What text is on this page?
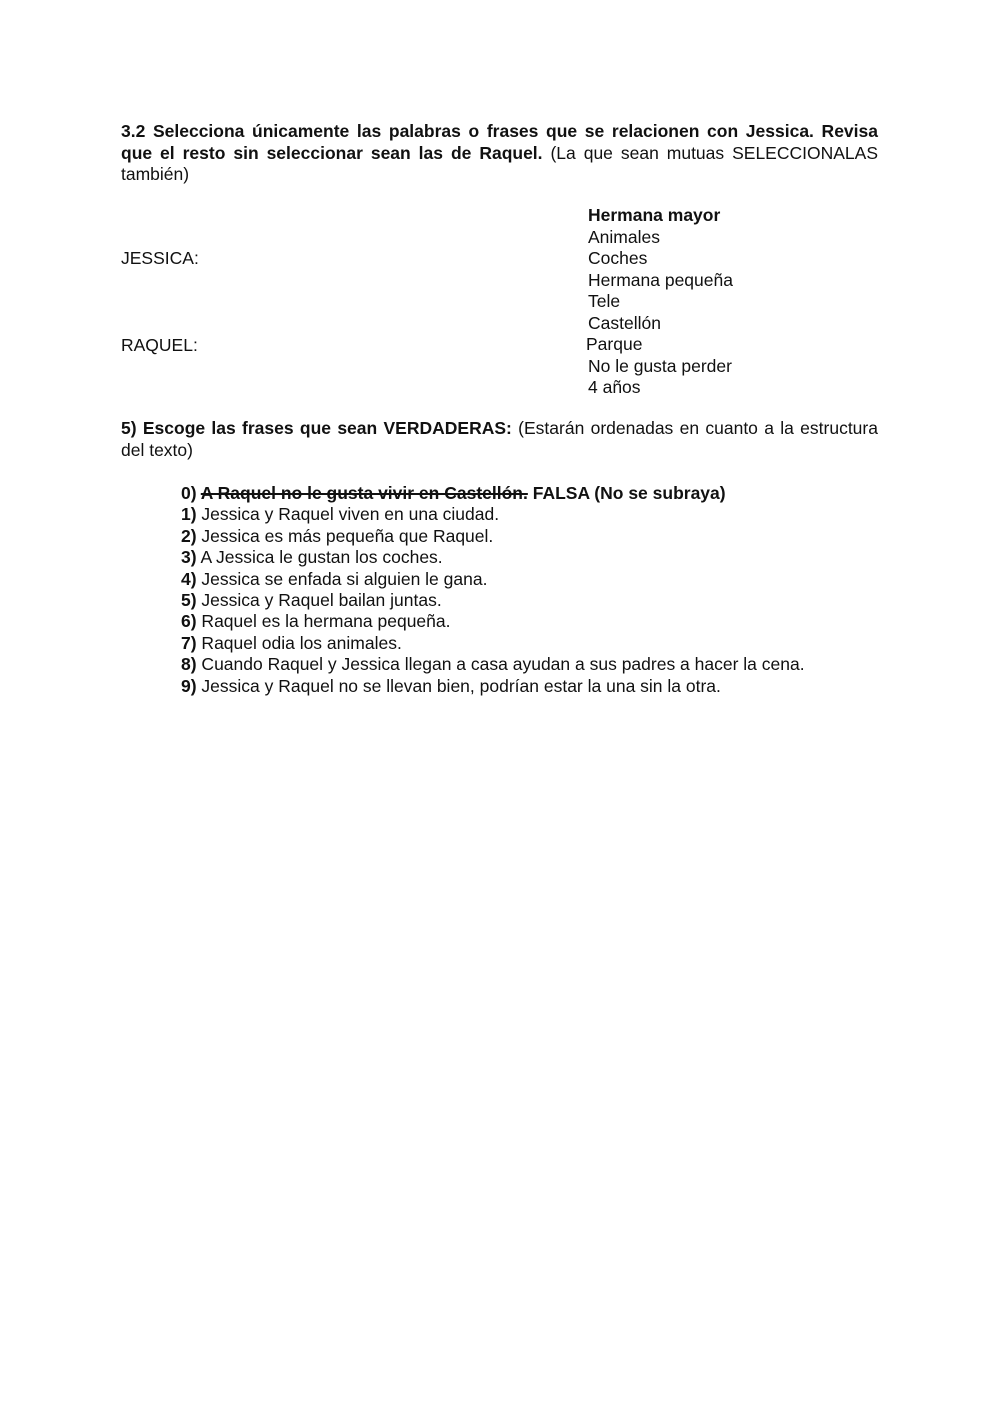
3.2 Selecciona únicamente las palabras o frases que se relacionen con Jessica. Revisa que el resto sin seleccionar sean las de Raquel. (La que sean mutuas SELECCIONALAS también)
JESSICA:
RAQUEL:
Hermana mayor
Animales
Coches
Hermana pequeña
Tele
Castellón
Parque
No le gusta perder
4 años
5) Escoge las frases que sean VERDADERAS: (Estarán ordenadas en cuanto a la estructura del texto)
0) A Raquel no le gusta vivir en Castellón. FALSA (No se subraya)
1) Jessica y Raquel viven en una ciudad.
2) Jessica es más pequeña que Raquel.
3) A Jessica le gustan los coches.
4) Jessica se enfada si alguien le gana.
5) Jessica y Raquel bailan juntas.
6) Raquel es la hermana pequeña.
7) Raquel odia los animales.
8) Cuando Raquel y Jessica llegan a casa ayudan a sus padres a hacer la cena.
9) Jessica y Raquel no se llevan bien, podrían estar la una sin la otra.
